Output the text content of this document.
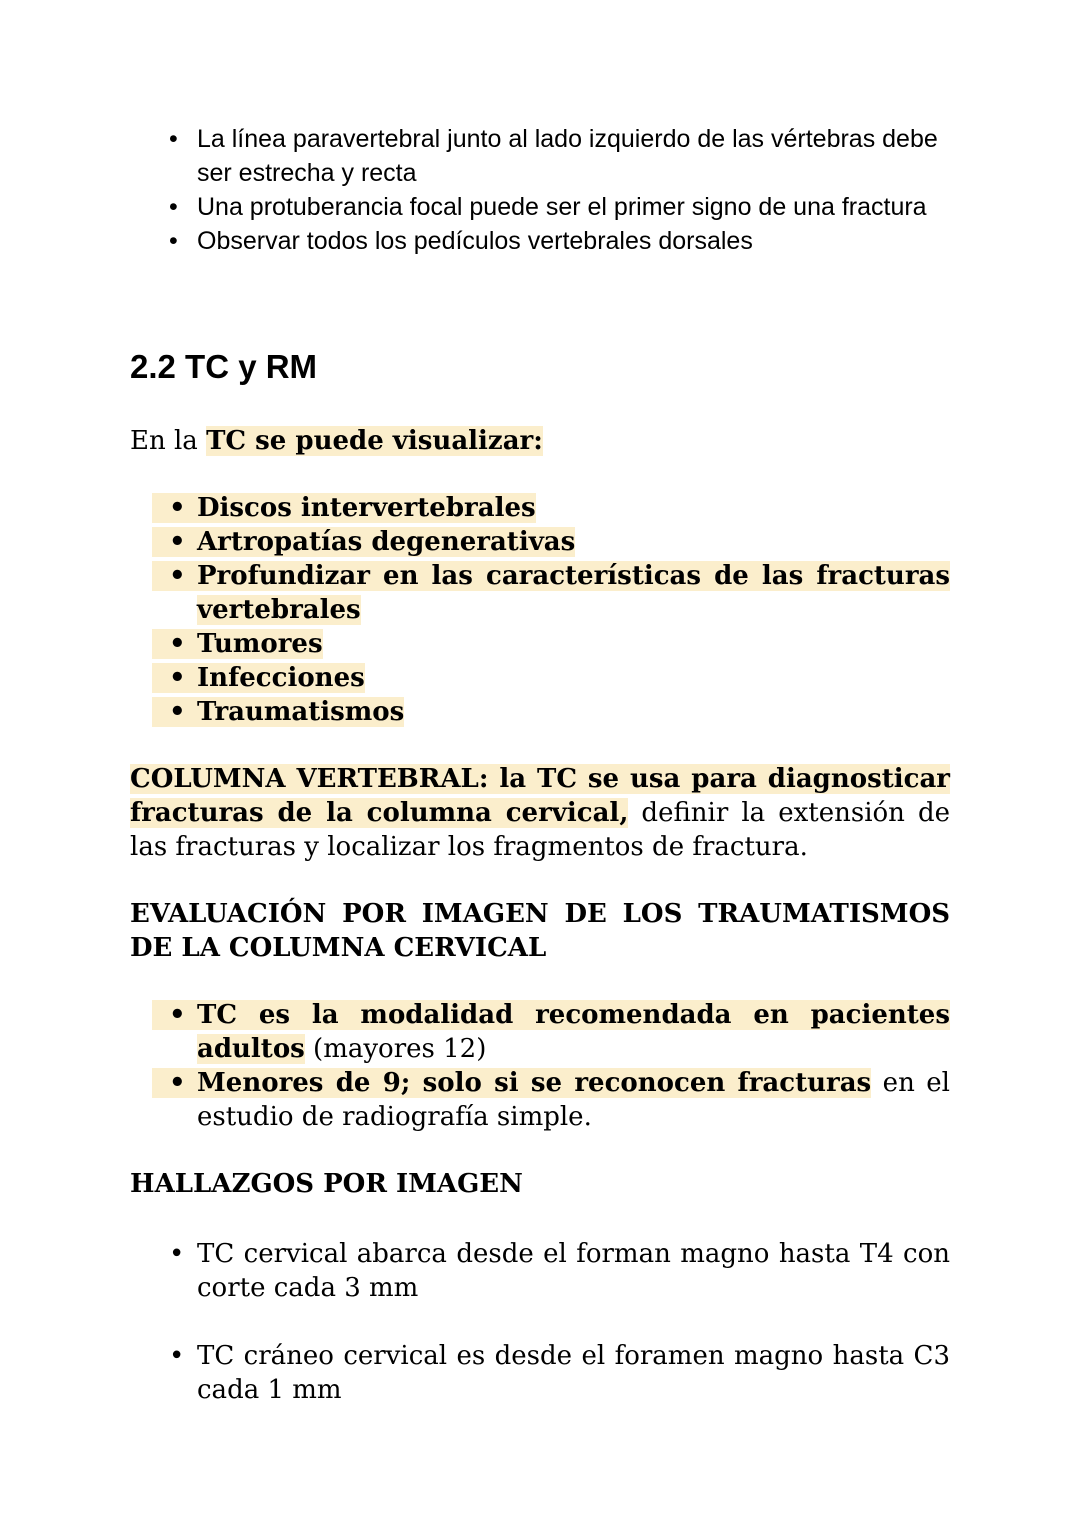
• La línea paravertebral junto al lado izquierdo de las vértebras debe ser estrecha y recta
• Una protuberancia focal puede ser el primer signo de una fractura
• Observar todos los pedículos vertebrales dorsales
2.2 TC y RM
En la TC se puede visualizar:
• Discos intervertebrales
• Artropatías degenerativas
• Profundizar en las características de las fracturas vertebrales
• Tumores
• Infecciones
• Traumatismos
COLUMNA VERTEBRAL: la TC se usa para diagnosticar fracturas de la columna cervical, definir la extensión de las fracturas y localizar los fragmentos de fractura.
EVALUACIÓN POR IMAGEN DE LOS TRAUMATISMOS DE LA COLUMNA CERVICAL
• TC es la modalidad recomendada en pacientes adultos (mayores 12)
• Menores de 9; solo si se reconocen fracturas en el estudio de radiografía simple.
HALLAZGOS POR IMAGEN
• TC cervical abarca desde el forman magno hasta T4 con corte cada 3 mm
• TC cráneo cervical es desde el foramen magno hasta C3 cada 1 mm
